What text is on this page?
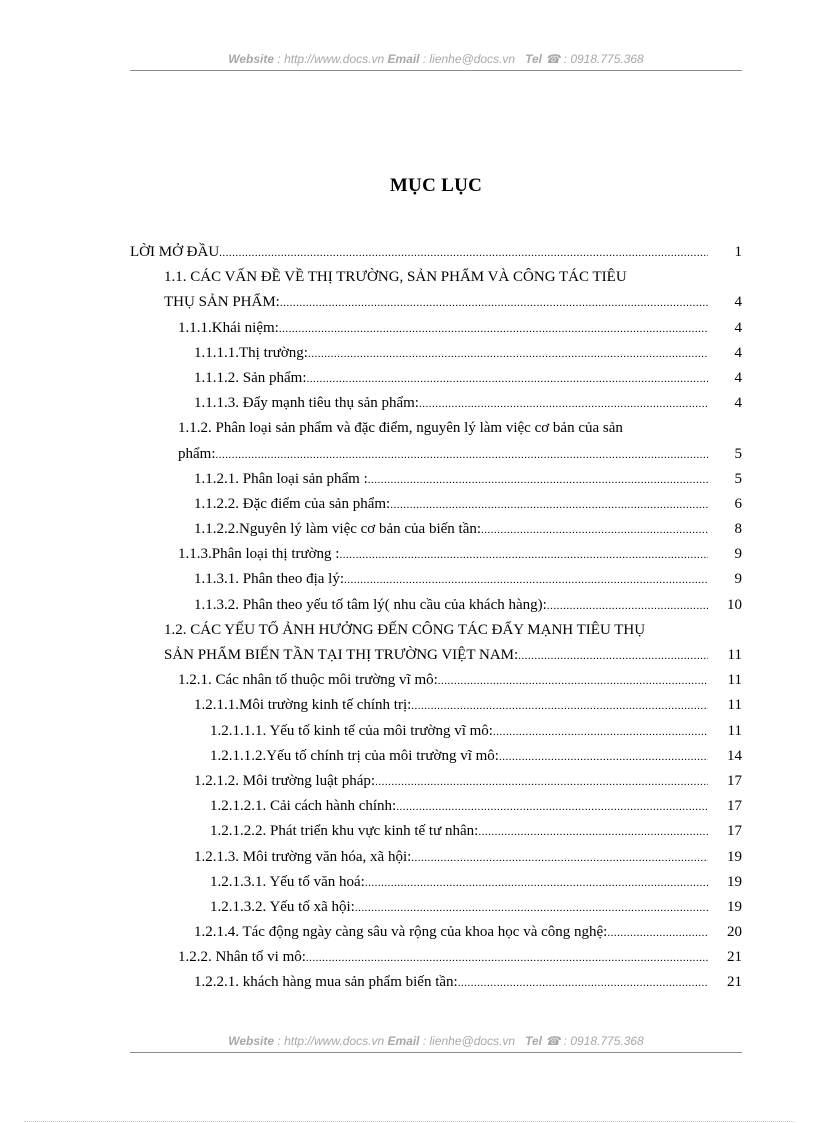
Website : http://www.docs.vn Email : lienhe@docs.vn Tel ☎ : 0918.775.368
MỤC LỤC
LỜI MỞ ĐẦU .....	1
1.1. CÁC VẤN ĐỀ VỀ THỊ TRƯỜNG, SẢN PHẨM VÀ CÔNG TÁC TIÊU
THỤ SẢN PHẨM: .....	4
1.1.1.Khái niệm: .....	4
1.1.1.1.Thị trường: .....	4
1.1.1.2. Sản phẩm: .....	4
1.1.1.3. Đẩy mạnh tiêu thụ sản phẩm: .....	4
1.1.2. Phân loại sản phẩm và đặc điểm, nguyên lý làm việc cơ bản của sản
phẩm: .....	5
1.1.2.1. Phân loại sản phẩm : .....	5
1.1.2.2. Đặc điểm của sản phẩm: .....	6
1.1.2.2.Nguyên lý làm việc cơ bản của biến tần: .....	8
1.1.3.Phân loại thị trường : .....	9
1.1.3.1. Phân theo địa lý: .....	9
1.1.3.2. Phân theo yếu tố tâm lý( nhu cầu của khách hàng): .....	10
1.2. CÁC YẾU TỐ ẢNH HƯỞNG ĐẾN CÔNG TÁC ĐẨY MẠNH TIÊU THỤ
SẢN PHẨM BIẾN TẦN TẠI THỊ TRƯỜNG VIỆT NAM: .....	11
1.2.1. Các nhân tố thuộc môi trường vĩ mô: .....	11
1.2.1.1.Môi trường kinh tế chính trị: .....	11
1.2.1.1.1. Yếu tố kinh tế của môi trường vĩ mô: .....	11
1.2.1.1.2.Yếu tố chính trị của môi trường vĩ mô: .....	14
1.2.1.2. Môi trường luật pháp: .....	17
1.2.1.2.1. Cải cách hành chính: .....	17
1.2.1.2.2. Phát triển khu vực kinh tế tư nhân: .....	17
1.2.1.3. Môi trường văn hóa, xã hội: .....	19
1.2.1.3.1. Yếu tố văn hoá: .....	19
1.2.1.3.2. Yếu tố xã hội: .....	19
1.2.1.4. Tác động ngày càng sâu và rộng của khoa học và công nghệ: .....	20
1.2.2. Nhân tố vi mô: .....	21
1.2.2.1. khách hàng mua sản phẩm biến tần: .....	21
Website : http://www.docs.vn Email : lienhe@docs.vn Tel ☎ : 0918.775.368
